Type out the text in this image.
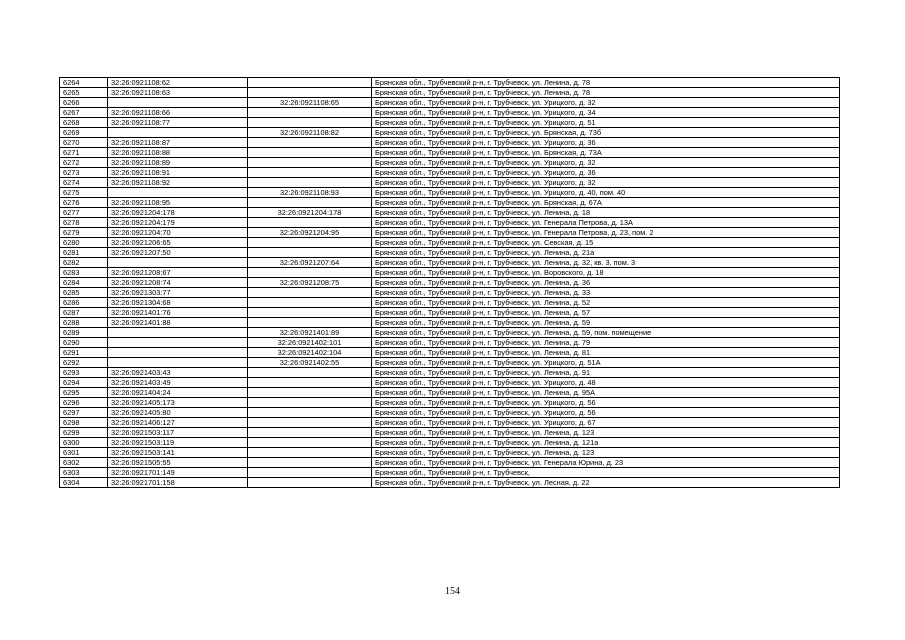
6264	32:26:0921108:62		Брянская обл., Трубчевский р-н, г. Трубчевск, ул. Ленина, д. 78
6265	32:26:0921108:63		Брянская обл., Трубчевский р-н, г. Трубчевск, ул. Ленина, д. 78
6266		32:26:0921108:65	Брянская обл., Трубчевский р-н, г. Трубчевск, ул. Урицкого, д. 32
6267	32:26:0921108:66		Брянская обл., Трубчевский р-н, г. Трубчевск, ул. Урицкого, д. 34
6268	32:26:0921108:77		Брянская обл., Трубчевский р-н, г. Трубчевск, ул. Урицкого, д. 51
6269		32:26:0921108:82	Брянская обл., Трубчевский р-н, г. Трубчевск, ул. Брянская, д. 73б
6270	32:26:0921108:87		Брянская обл., Трубчевский р-н, г. Трубчевск, ул. Урицкого, д. 36
6271	32:26:0921108:88		Брянская обл., Трубчевский р-н, г. Трубчевск, ул. Брянская, д. 73А
6272	32:26:0921108:89		Брянская обл., Трубчевский р-н, г. Трубчевск, ул. Урицкого, д. 32
6273	32:26:0921108:91		Брянская обл., Трубчевский р-н, г. Трубчевск, ул. Урицкого, д. 36
6274	32:26:0921108:92		Брянская обл., Трубчевский р-н, г. Трубчевск, ул. Урицкого, д. 32
6275		32:26:0921108:93	Брянская обл., Трубчевский р-н, г. Трубчевск, ул. Урицкого, д. 40, пом. 40
6276	32:26:0921108:95		Брянская обл., Трубчевский р-н, г. Трубчевск, ул. Брянская, д. 67А
6277	32:26:0921204:178	32:26:0921204:178	Брянская обл., Трубчевский р-н, г. Трубчевск, ул. Ленина, д. 18
6278	32:26:0921204:179		Брянская обл., Трубчевский р-н, г. Трубчевск, ул. Генерала Петрова, д. 13А
6279	32:26:0921204:70	32:26:0921204:95	Брянская обл., Трубчевский р-н, г. Трубчевск, ул. Генерала Петрова, д. 23, пом. 2
6280	32:26:0921206:65		Брянская обл., Трубчевский р-н, г. Трубчевск, ул. Севская, д. 15
6281	32:26:0921207:50		Брянская обл., Трубчевский р-н, г. Трубчевск, ул. Ленина, д. 21а
6282		32:26:0921207:64	Брянская обл., Трубчевский р-н, г. Трубчевск, ул. Ленина, д. 32, кв. 3, пом. 3
6283	32:26:0921208:67		Брянская обл., Трубчевский р-н, г. Трубчевск, ул. Воровского, д. 18
6284	32:26:0921208:74	32:26:0921208:75	Брянская обл., Трубчевский р-н, г. Трубчевск, ул. Ленина, д. 36
6285	32:26:0921303:77		Брянская обл., Трубчевский р-н, г. Трубчевск, ул. Ленина, д. 33
6286	32:26:0921304:68		Брянская обл., Трубчевский р-н, г. Трубчевск, ул. Ленина, д. 52
6287	32:26:0921401:76		Брянская обл., Трубчевский р-н, г. Трубчевск, ул. Ленина, д. 57
6288	32:26:0921401:88		Брянская обл., Трубчевский р-н, г. Трубчевск, ул. Ленина, д. 59
6289		32:26:0921401:89	Брянская обл., Трубчевский р-н, г. Трубчевск, ул. Ленина, д. 59, пом. помещение
6290		32:26:0921402:101	Брянская обл., Трубчевский р-н, г. Трубчевск, ул. Ленина, д. 79
6291		32:26:0921402:104	Брянская обл., Трубчевский р-н, г. Трубчевск, ул. Ленина, д. 81
6292		32:26:0921402:55	Брянская обл., Трубчевский р-н, г. Трубчевск, ул. Урицкого, д. 51А
6293	32:26:0921403:43		Брянская обл., Трубчевский р-н, г. Трубчевск, ул. Ленина, д. 91
6294	32:26:0921403:49		Брянская обл., Трубчевский р-н, г. Трубчевск, ул. Урицкого, д. 48
6295	32:26:0921404:24		Брянская обл., Трубчевский р-н, г. Трубчевск, ул. Ленина, д. 95А
6296	32:26:0921405:173		Брянская обл., Трубчевский р-н, г. Трубчевск, ул. Урицкого, д. 56
6297	32:26:0921405:80		Брянская обл., Трубчевский р-н, г. Трубчевск, ул. Урицкого, д. 56
6298	32:26:0921406:127		Брянская обл., Трубчевский р-н, г. Трубчевск, ул. Урицкого, д. 67
6299	32:26:0921503:117		Брянская обл., Трубчевский р-н, г. Трубчевск, ул. Ленина, д. 123
6300	32:26:0921503:119		Брянская обл., Трубчевский р-н, г. Трубчевск, ул. Ленина, д. 121а
6301	32:26:0921503:141		Брянская обл., Трубчевский р-н, г. Трубчевск, ул. Ленина, д. 123
6302	32:26:0921505:55		Брянская обл., Трубчевский р-н, г. Трубчевск, ул. Генерала Юрина, д. 23
6303	32:26:0921701:149		Брянская обл., Трубчевский р-н, г. Трубчевск,
6304	32:26:0921701:158		Брянская обл., Трубчевский р-н, г. Трубчевск, ул. Лесная, д. 22
154
